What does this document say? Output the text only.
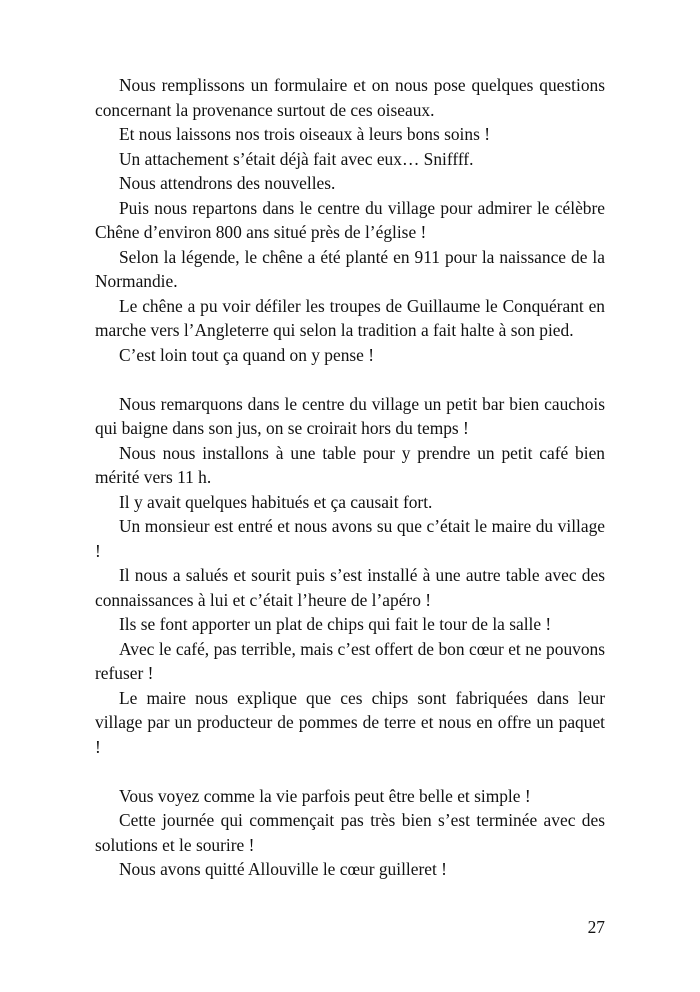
Nous remplissons un formulaire et on nous pose quelques questions concernant la provenance surtout de ces oiseaux.

Et nous laissons nos trois oiseaux à leurs bons soins !

Un attachement s’était déjà fait avec eux… Sniffff.

Nous attendrons des nouvelles.

Puis nous repartons dans le centre du village pour admirer le célèbre Chêne d’environ 800 ans situé près de l’église !

Selon la légende, le chêne a été planté en 911 pour la naissance de la Normandie.

Le chêne a pu voir défiler les troupes de Guillaume le Conquérant en marche vers l’Angleterre qui selon la tradition a fait halte à son pied.

C’est loin tout ça quand on y pense !

Nous remarquons dans le centre du village un petit bar bien cauchois qui baigne dans son jus, on se croirait hors du temps !

Nous nous installons à une table pour y prendre un petit café bien mérité vers 11 h.

Il y avait quelques habitués et ça causait fort.

Un monsieur est entré et nous avons su que c’était le maire du village !

Il nous a salués et sourit puis s’est installé à une autre table avec des connaissances à lui et c’était l’heure de l’apéro !

Ils se font apporter un plat de chips qui fait le tour de la salle !

Avec le café, pas terrible, mais c’est offert de bon cœur et ne pouvons refuser !

Le maire nous explique que ces chips sont fabriquées dans leur village par un producteur de pommes de terre et nous en offre un paquet !

Vous voyez comme la vie parfois peut être belle et simple !

Cette journée qui commençait pas très bien s’est terminée avec des solutions et le sourire !

Nous avons quitté Allouville le cœur guilleret !

27
